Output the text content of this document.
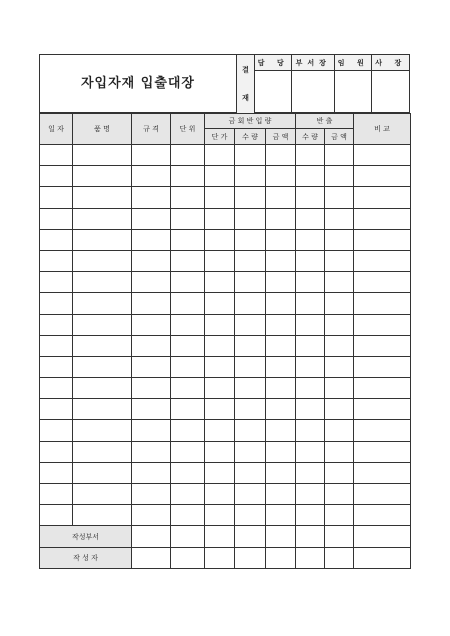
자입자재 입출대장
결
재	담 당	부서장	임 원	사 장

일 자	품 명	규 격	단 위	금 회 반 입 량			반 출		비 교
				단 가	수 량	금 액	수 량	금 액	

작성부서									
작 성 자									
